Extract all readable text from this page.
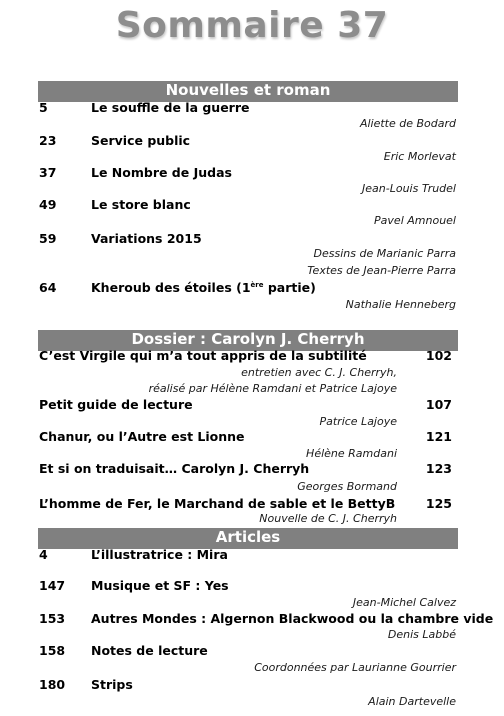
Sommaire 37
Nouvelles et roman
5	Le souffle de la guerre
Aliette de Bodard
23	Service public
Eric Morlevat
37	Le Nombre de Judas
Jean-Louis Trudel
49	Le store blanc
Pavel Amnouel
59	Variations 2015
Dessins de Marianic Parra
Textes de Jean-Pierre Parra
64	Kheroub des étoiles (1ère partie)
Nathalie Henneberg
Dossier : Carolyn J. Cherryh
C’est Virgile qui m’a tout appris de la subtilité	102
entretien avec C. J. Cherryh,
réalisé par Hélène Ramdani et Patrice Lajoye
Petit guide de lecture	107
Patrice Lajoye
Chanur, ou l’Autre est Lionne	121
Hélène Ramdani
Et si on traduisait… Carolyn J. Cherryh	123
Georges Bormand
L’homme de Fer, le Marchand de sable et le BettyB 125
Nouvelle de C. J. Cherryh
Articles
4	L’illustratrice : Mira
147 Musique et SF : Yes
Jean-Michel Calvez
153 Autres Mondes : Algernon Blackwood ou la chambre vide
Denis Labbé
158 Notes de lecture
Coordonnées par Laurianne Gourrier
180 Strips
Alain Dartevelle
